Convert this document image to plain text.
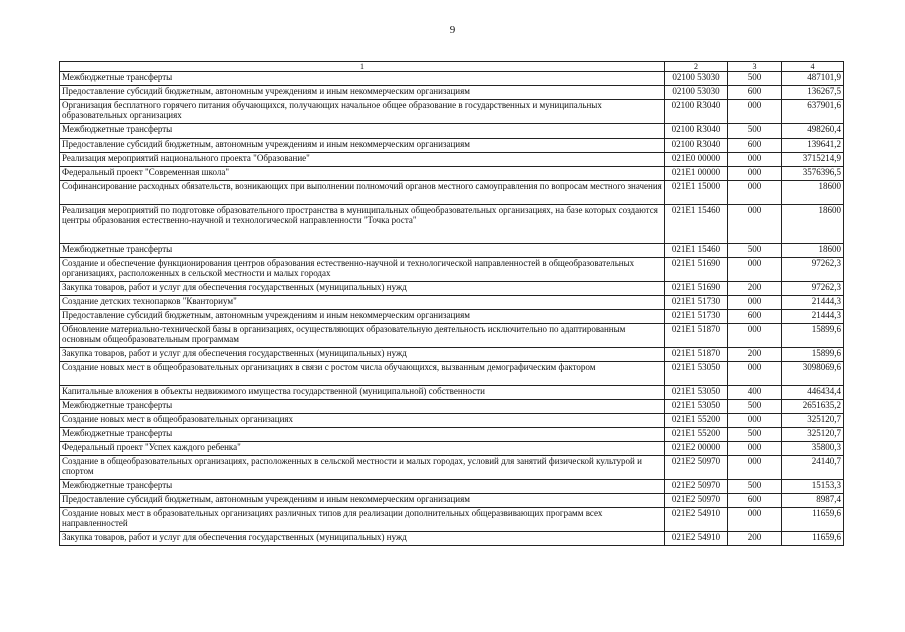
9
1	2	3	4
Межбюджетные трансферты	02100 53030	500	487101,9
Предоставление субсидий бюджетным, автономным учреждениям и иным некоммерческим организациям	02100 53030	600	136267,5
Организация бесплатного горячего питания обучающихся, получающих начальное общее образование в государственных и муниципальных образовательных организациях	02100 R3040	000	637901,6
Межбюджетные трансферты	02100 R3040	500	498260,4
Предоставление субсидий бюджетным, автономным учреждениям и иным некоммерческим организациям	02100 R3040	600	139641,2
Реализация мероприятий национального проекта "Образование"	021E0 00000	000	3715214,9
Федеральный проект "Современная школа"	021E1 00000	000	3576396,5
Софинансирование расходных обязательств, возникающих при выполнении полномочий органов местного самоуправления по вопросам местного значения	021E1 15000	000	18600
Реализация мероприятий по подготовке образовательного пространства в муниципальных общеобразовательных организациях, на базе которых создаются центры образования естественно-научной и технологической направленности "Точка роста"	021E1 15460	000	18600
Межбюджетные трансферты	021E1 15460	500	18600
Создание и обеспечение функционирования центров образования естественно-научной и технологической направленностей в общеобразовательных организациях, расположенных в сельской местности и малых городах	021E1 51690	000	97262,3
Закупка товаров, работ и услуг для обеспечения государственных (муниципальных) нужд	021E1 51690	200	97262,3
Создание детских технопарков "Кванториум"	021E1 51730	000	21444,3
Предоставление субсидий бюджетным, автономным учреждениям и иным некоммерческим организациям	021E1 51730	600	21444,3
Обновление материально-технической базы в организациях, осуществляющих образовательную деятельность исключительно по адаптированным основным общеобразовательным программам	021E1 51870	000	15899,6
Закупка товаров, работ и услуг для обеспечения государственных (муниципальных) нужд	021E1 51870	200	15899,6
Создание новых мест в общеобразовательных организациях в связи с ростом числа обучающихся, вызванным демографическим фактором	021E1 53050	000	3098069,6
Капитальные вложения в объекты недвижимого имущества государственной (муниципальной) собственности	021E1 53050	400	446434,4
Межбюджетные трансферты	021E1 53050	500	2651635,2
Создание новых мест в общеобразовательных организациях	021E1 55200	000	325120,7
Межбюджетные трансферты	021E1 55200	500	325120,7
Федеральный проект "Успех каждого ребенка"	021E2 00000	000	35800,3
Создание в общеобразовательных организациях, расположенных в сельской местности и малых городах, условий для занятий физической культурой и спортом	021E2 50970	000	24140,7
Межбюджетные трансферты	021E2 50970	500	15153,3
Предоставление субсидий бюджетным, автономным учреждениям и иным некоммерческим организациям	021E2 50970	600	8987,4
Создание новых мест в образовательных организациях различных типов для реализации дополнительных общеразвивающих программ всех направленностей	021E2 54910	000	11659,6
Закупка товаров, работ и услуг для обеспечения государственных (муниципальных) нужд	021E2 54910	200	11659,6
